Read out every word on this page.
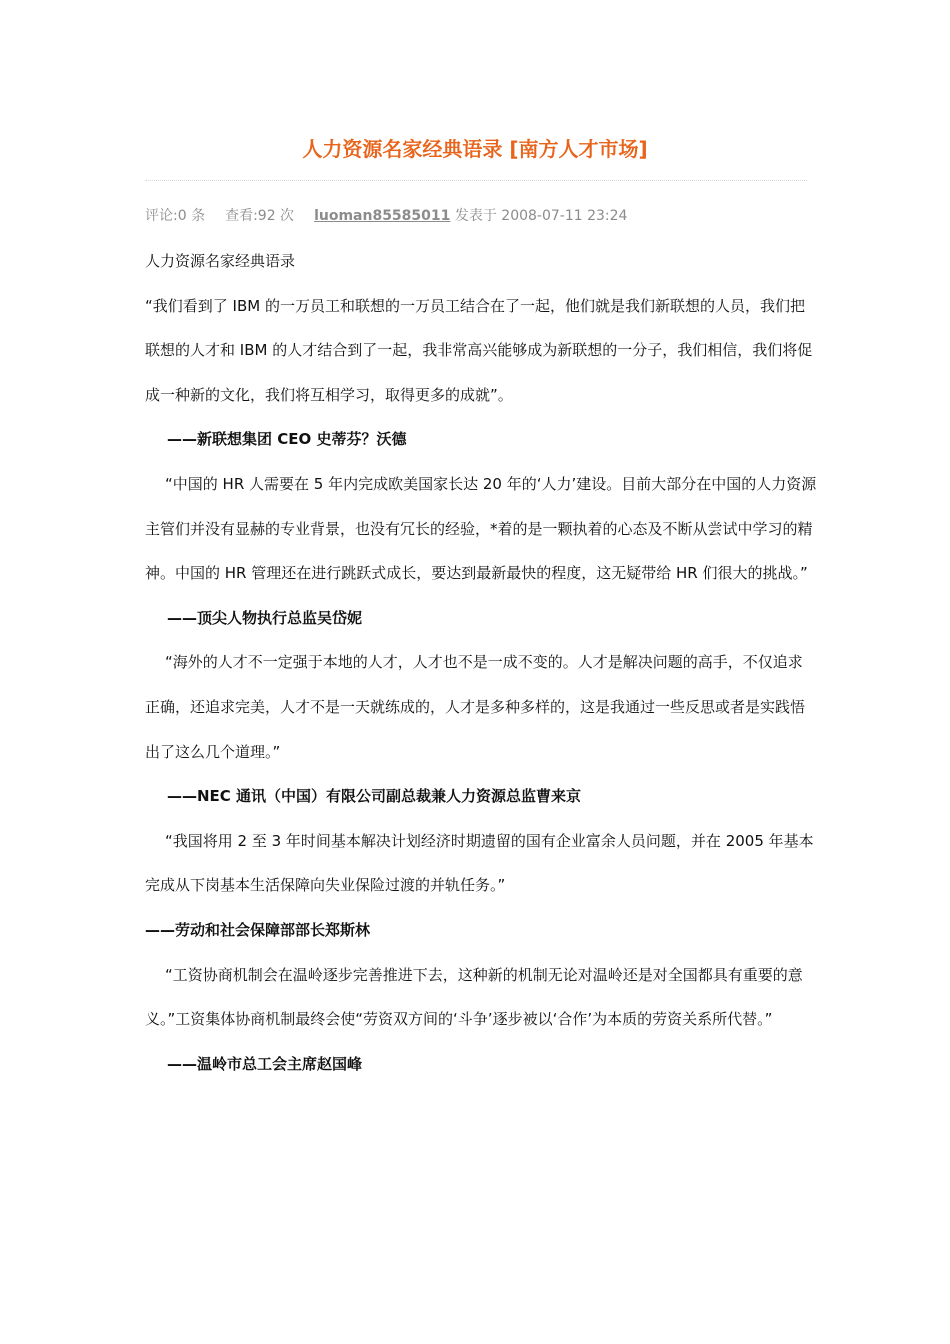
人力资源名家经典语录 [南方人才市场]
评论:0 条 查看:92 次 luoman85585011 发表于 2008-07-11 23:24

人力资源名家经典语录

“我们看到了 IBM 的一万员工和联想的一万员工结合在了一起，他们就是我们新联想的人员，我们把联想的人才和 IBM 的人才结合到了一起，我非常高兴能够成为新联想的一分子，我们相信，我们将促成一种新的文化，我们将互相学习，取得更多的成就”。

——新联想集团 CEO 史蒂芬？沃德

“中国的 HR 人需要在 5 年内完成欧美国家长达 20 年的‘人力’建设。目前大部分在中国的人力资源主管们并没有显赫的专业背景，也没有冗长的经验，*着的是一颗执着的心态及不断从尝试中学习的精神。中国的 HR 管理还在进行跳跃式成长，要达到最新最快的程度，这无疑带给 HR 们很大的挑战。”

——顶尖人物执行总监吴岱妮

“海外的人才不一定强于本地的人才，人才也不是一成不变的。人才是解决问题的高手，不仅追求正确，还追求完美，人才不是一天就练成的，人才是多种多样的，这是我通过一些反思或者是实践悟出了这么几个道理。”

——NEC 通讯（中国）有限公司副总裁兼人力资源总监曹来京

“我国将用 2 至 3 年时间基本解决计划经济时期遗留的国有企业富余人员问题，并在 2005 年基本完成从下岗基本生活保障向失业保险过渡的并轨任务。”

——劳动和社会保障部部长郑斯林

“工资协商机制会在温岭逐步完善推进下去，这种新的机制无论对温岭还是对全国都具有重要的意义。”工资集体协商机制最终会使“劳资双方间的‘斗争’逐步被以‘合作’为本质的劳资关系所代替。”

——温岭市总工会主席赵国峰
